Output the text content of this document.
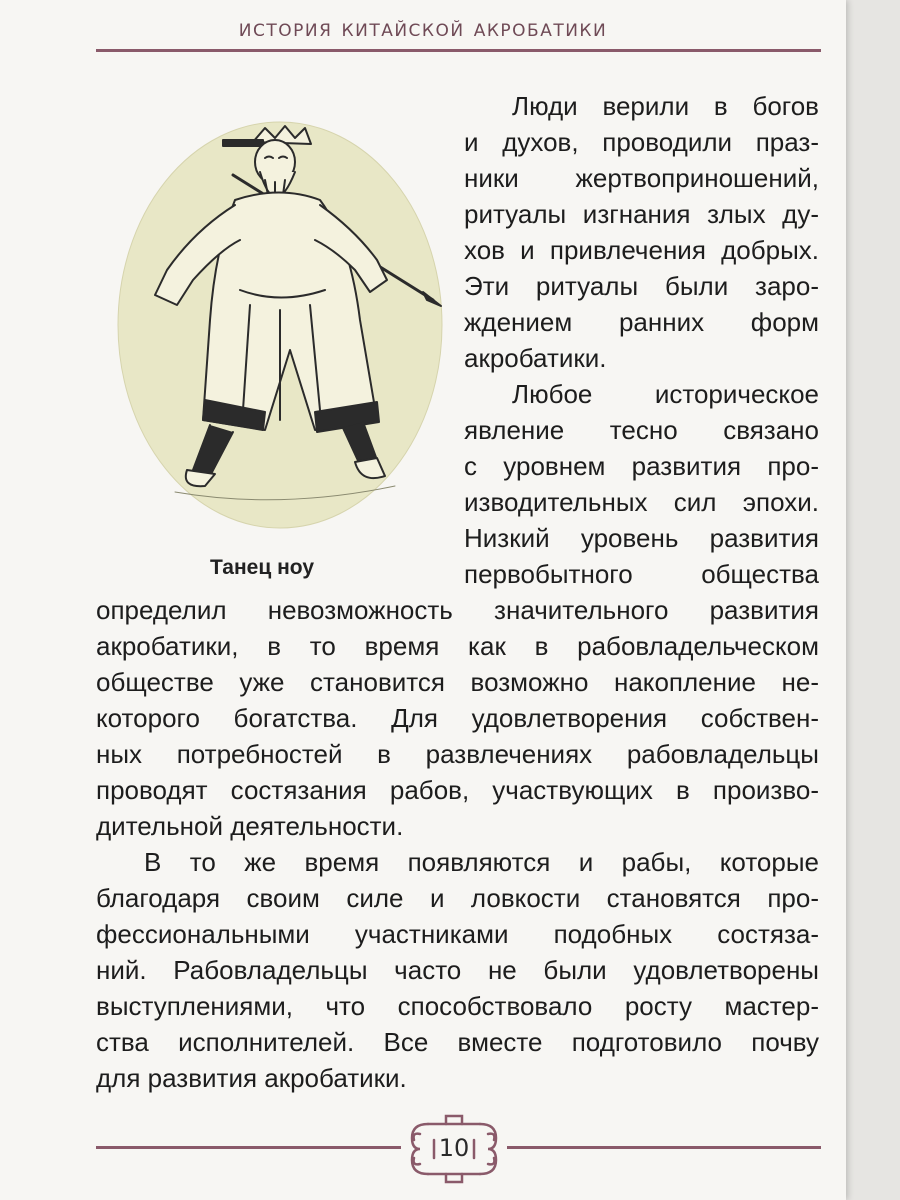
история китайской акробатики
Танец ноу
Люди верили в богов
и духов, проводили праз-
ники жертвоприношений,
ритуалы изгнания злых ду-
хов и привлечения добрых.
Эти ритуалы были заро-
ждением ранних форм
акробатики.
Любое историческое
явление тесно связано
с уровнем развития про-
изводительных сил эпохи.
Низкий уровень развития
первобытного общества
определил невозможность значительного развития
акробатики, в то время как в рабовладельческом
обществе уже становится возможно накопление не-
которого богатства. Для удовлетворения собствен-
ных потребностей в развлечениях рабовладельцы
проводят состязания рабов, участвующих в произво-
дительной деятельности.
В то же время появляются и рабы, которые
благодаря своим силе и ловкости становятся про-
фессиональными участниками подобных состяза-
ний. Рабовладельцы часто не были удовлетворены
выступлениями, что способствовало росту мастер-
ства исполнителей. Все вместе подготовило почву
для развития акробатики.
10
